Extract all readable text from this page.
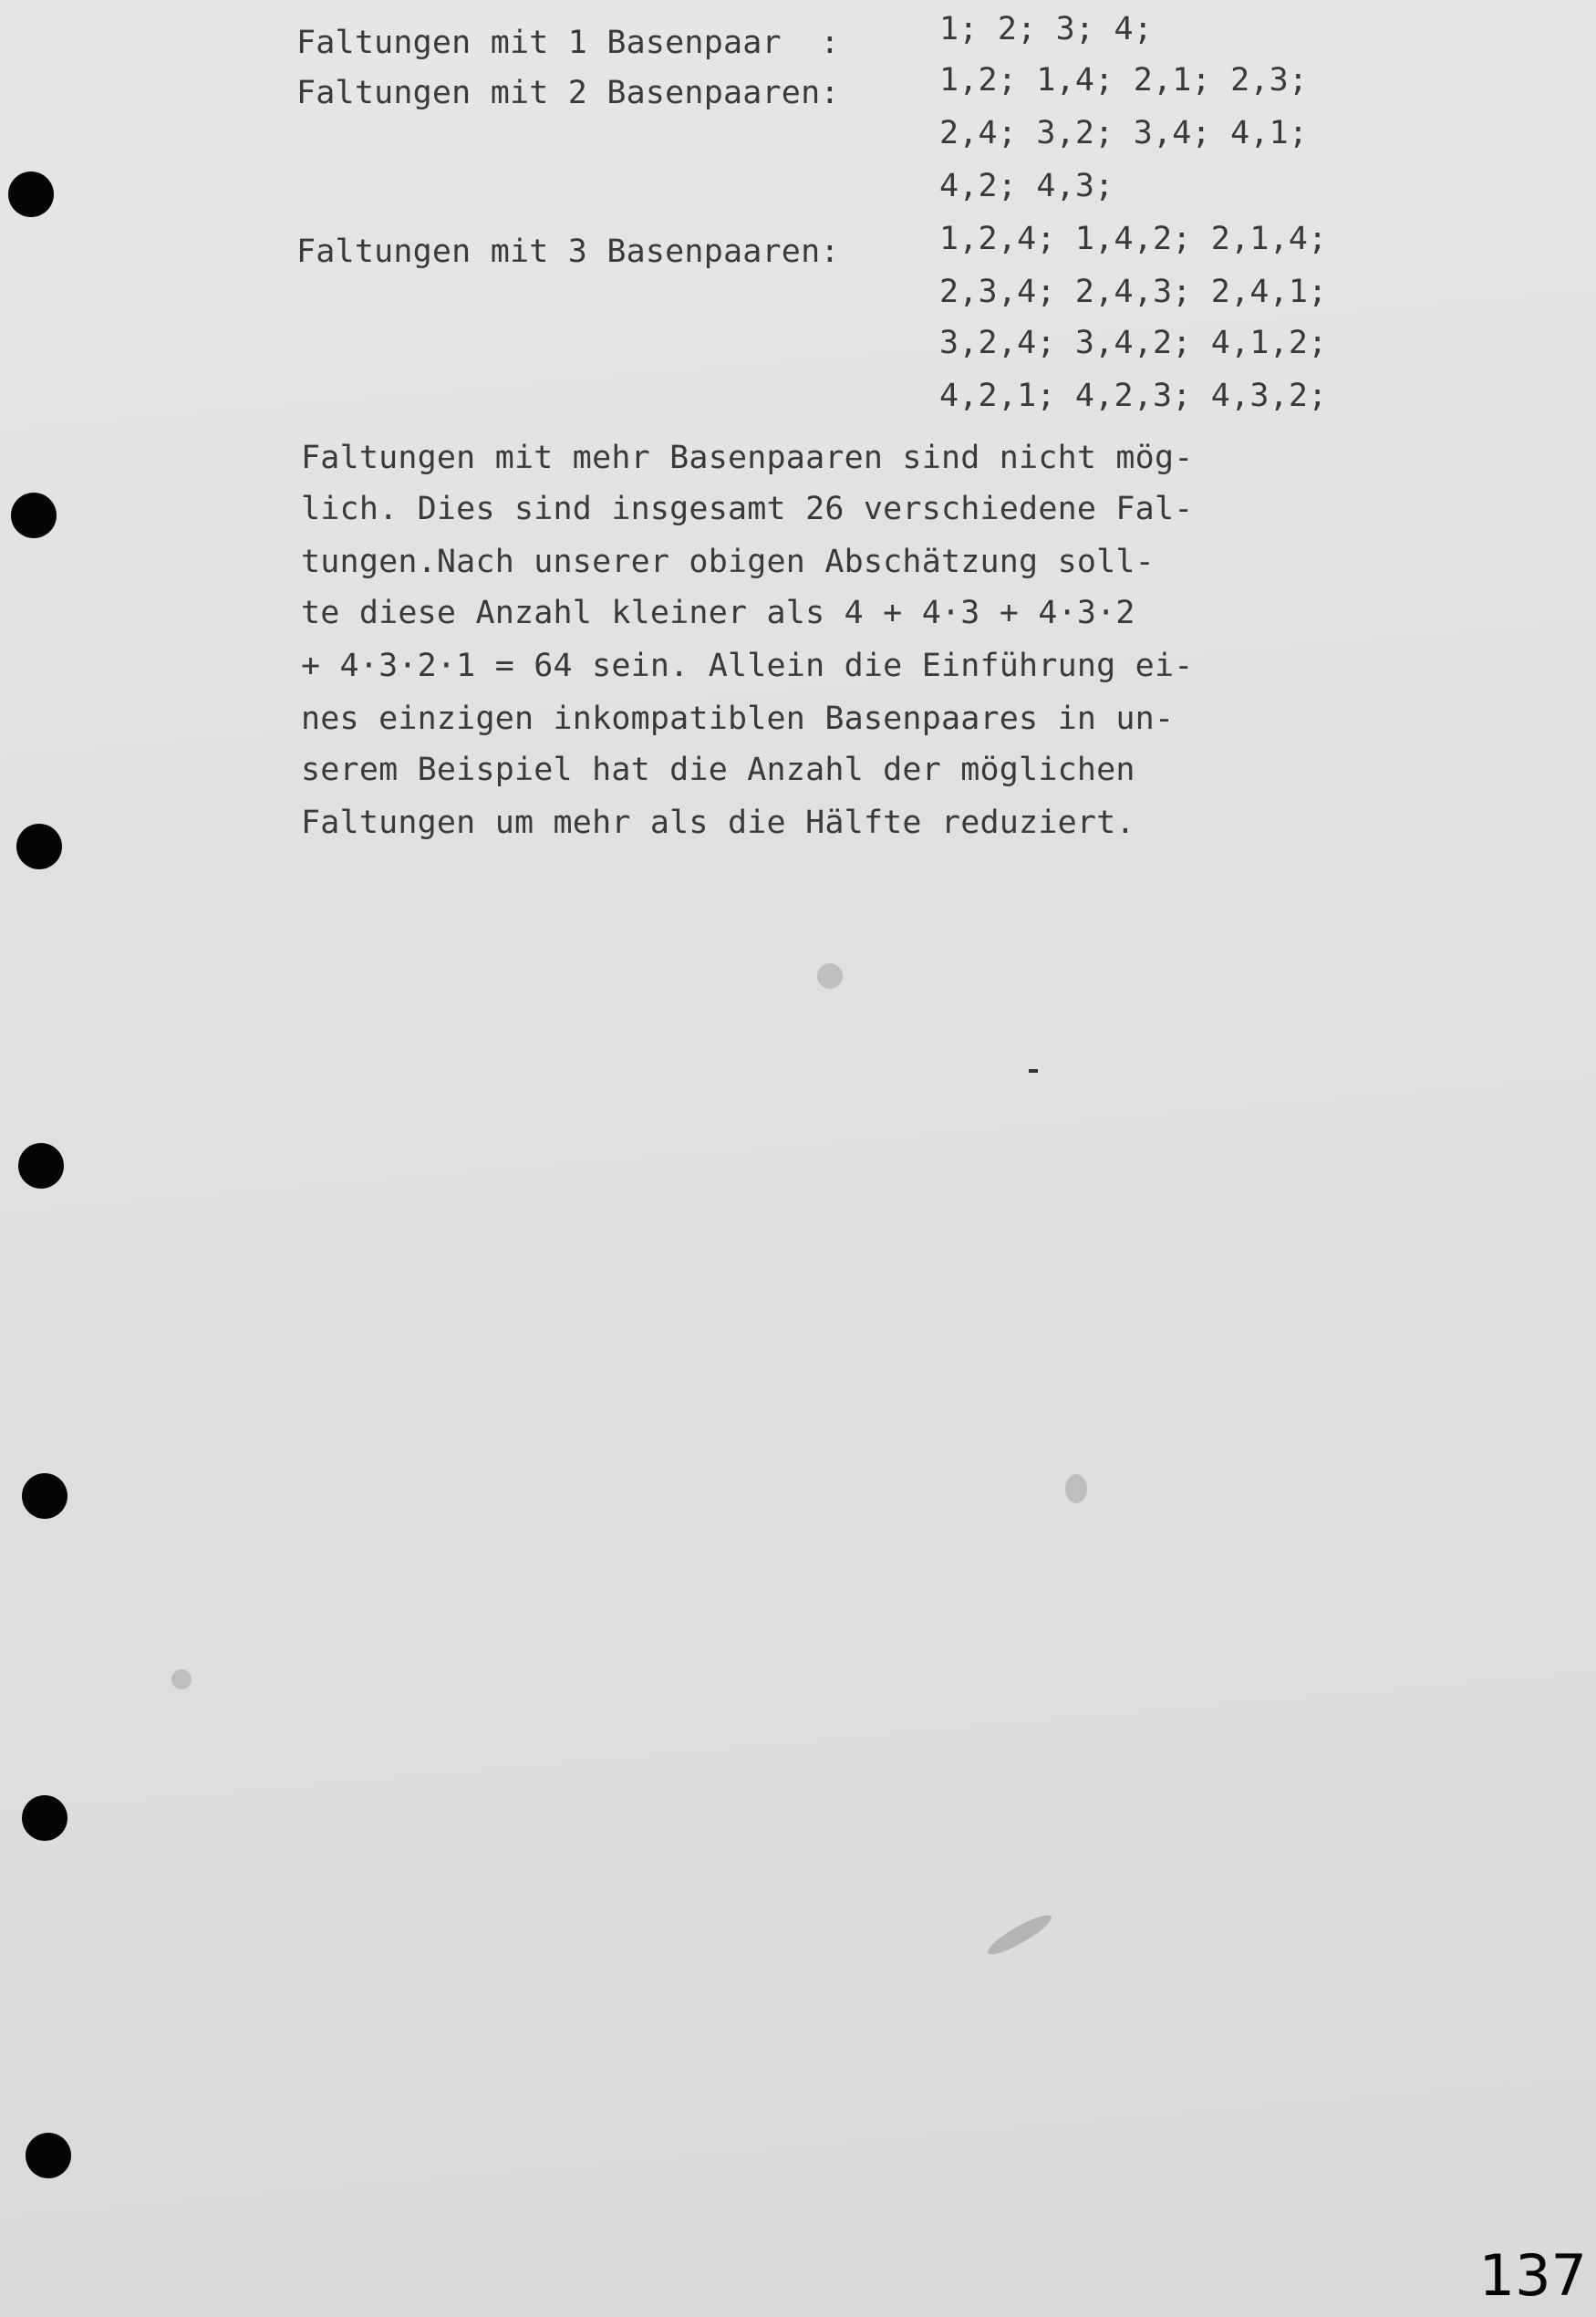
Faltungen mit 1 Basenpaar  :	1; 2; 3; 4;
Faltungen mit 2 Basenpaaren:	1,2; 1,4; 2,1; 2,3;
2,4; 3,2; 3,4; 4,1;
4,2; 4,3;
Faltungen mit 3 Basenpaaren:	1,2,4; 1,4,2; 2,1,4;
2,3,4; 2,4,3; 2,4,1;
3,2,4; 3,4,2; 4,1,2;
4,2,1; 4,2,3; 4,3,2;
Faltungen mit mehr Basenpaaren sind nicht mög-
lich. Dies sind insgesamt 26 verschiedene Fal-
tungen.Nach unserer obigen Abschätzung soll-
te diese Anzahl kleiner als 4 + 4·3 + 4·3·2
+ 4·3·2·1 = 64 sein. Allein die Einführung ei-
nes einzigen inkompatiblen Basenpaares in un-
serem Beispiel hat die Anzahl der möglichen
Faltungen um mehr als die Hälfte reduziert.
137
